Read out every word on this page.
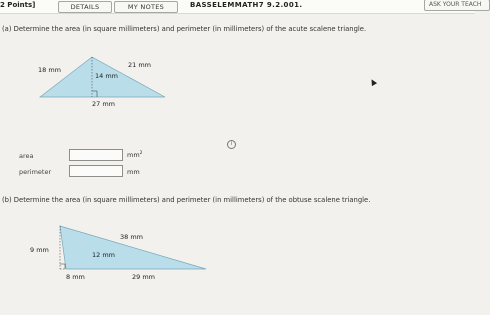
2 Points]	DETAILS	MY NOTES	BASSELEMMATH7 9.2.001.	ASK YOUR TEACH
(a) Determine the area (in square millimeters) and perimeter (in millimeters) of the acute scalene triangle.
18 mm
21 mm
14 mm
27 mm
i
area	$mm^2$
perimeter	mm
(b) Determine the area (in square millimeters) and perimeter (in millimeters) of the obtuse scalene triangle.
9 mm
38 mm
12 mm
8 mm	29 mm
